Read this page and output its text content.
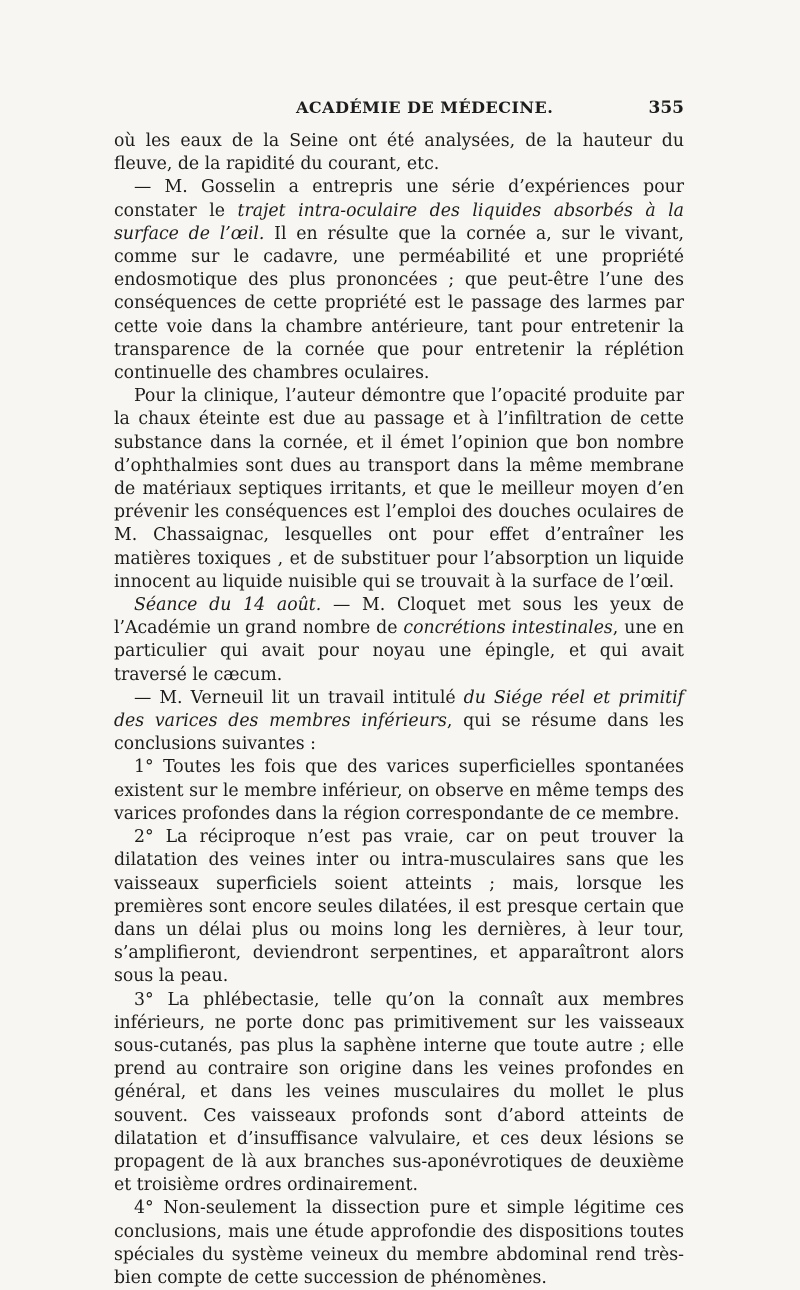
ACADÉMIE DE MÉDECINE.	355

où les eaux de la Seine ont été analysées, de la hauteur du fleuve, de la rapidité du courant, etc.

— M. Gosselin a entrepris une série d’expériences pour constater le trajet intra-oculaire des liquides absorbés à la surface de l’œil. Il en résulte que la cornée a, sur le vivant, comme sur le cadavre, une perméabilité et une propriété endosmotique des plus prononcées ; que peut-être l’une des conséquences de cette propriété est le passage des larmes par cette voie dans la chambre antérieure, tant pour entretenir la transparence de la cornée que pour entretenir la réplétion continuelle des chambres oculaires.

Pour la clinique, l’auteur démontre que l’opacité produite par la chaux éteinte est due au passage et à l’infiltration de cette substance dans la cornée, et il émet l’opinion que bon nombre d’ophthalmies sont dues au transport dans la même membrane de matériaux septiques irritants, et que le meilleur moyen d’en prévenir les conséquences est l’emploi des douches oculaires de M. Chassaignac, lesquelles ont pour effet d’entraîner les matières toxiques , et de substituer pour l’absorption un liquide innocent au liquide nuisible qui se trouvait à la surface de l’œil.

Séance du 14 août. — M. Cloquet met sous les yeux de l’Académie un grand nombre de concrétions intestinales, une en particulier qui avait pour noyau une épingle, et qui avait traversé le cæcum.

— M. Verneuil lit un travail intitulé du Siége réel et primitif des varices des membres inférieurs, qui se résume dans les conclusions suivantes :

1° Toutes les fois que des varices superficielles spontanées existent sur le membre inférieur, on observe en même temps des varices profondes dans la région correspondante de ce membre.

2° La réciproque n’est pas vraie, car on peut trouver la dilatation des veines inter ou intra-musculaires sans que les vaisseaux superficiels soient atteints ; mais, lorsque les premières sont encore seules dilatées, il est presque certain que dans un délai plus ou moins long les dernières, à leur tour, s’amplifieront, deviendront serpentines, et apparaîtront alors sous la peau.

3° La phlébectasie, telle qu’on la connaît aux membres inférieurs, ne porte donc pas primitivement sur les vaisseaux sous-cutanés, pas plus la saphène interne que toute autre ; elle prend au contraire son origine dans les veines profondes en général, et dans les veines musculaires du mollet le plus souvent. Ces vaisseaux profonds sont d’abord atteints de dilatation et d’insuffisance valvulaire, et ces deux lésions se propagent de là aux branches sus-aponévrotiques de deuxième et troisième ordres ordinairement.

4° Non-seulement la dissection pure et simple légitime ces conclusions, mais une étude approfondie des dispositions toutes spéciales du système veineux du membre abdominal rend très-bien compte de cette succession de phénomènes.
